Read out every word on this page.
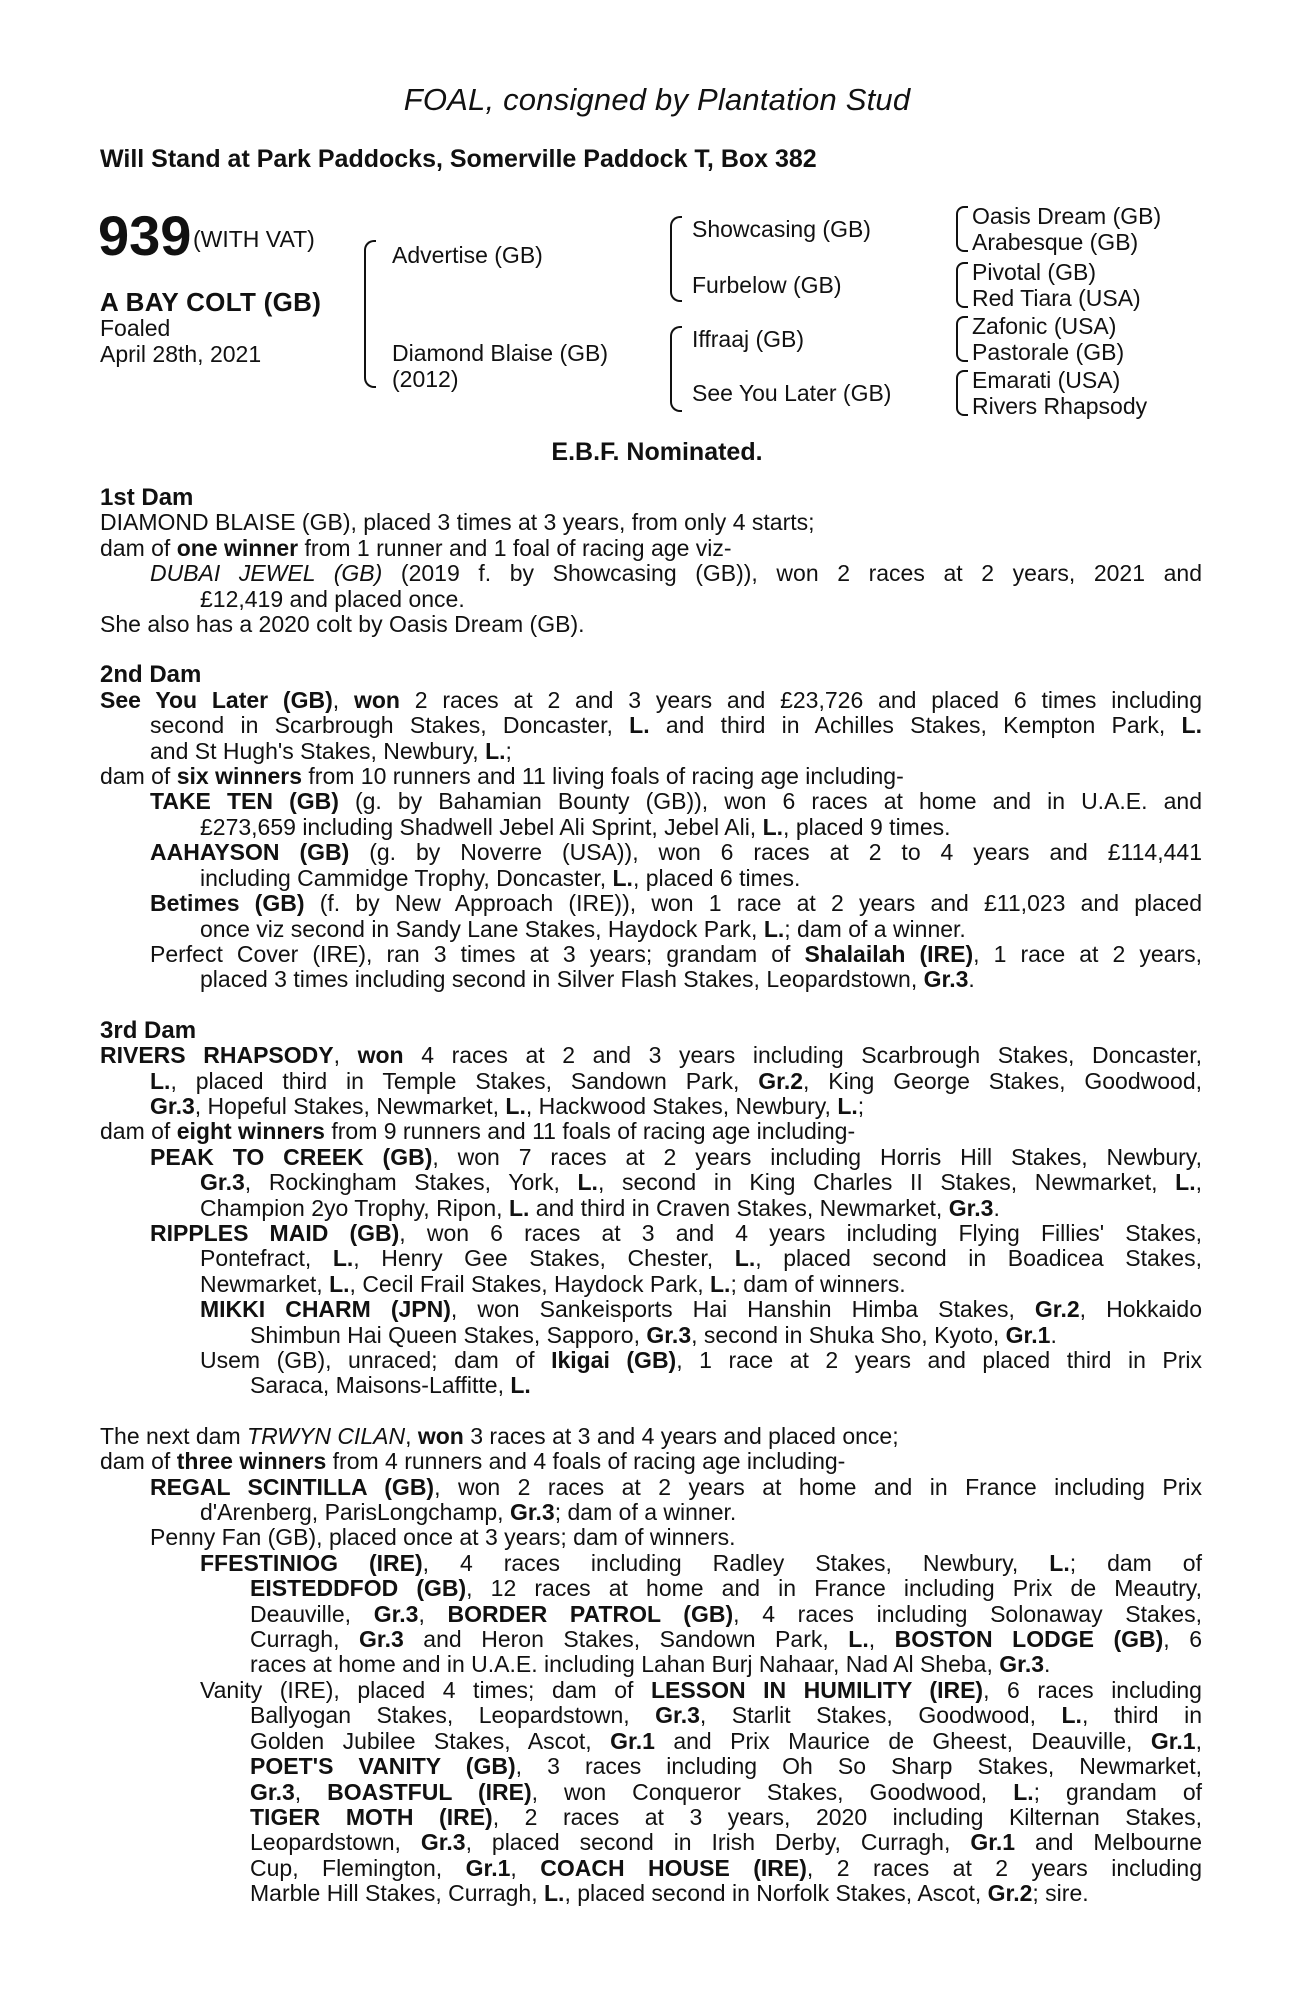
FOAL, consigned by Plantation Stud
Will Stand at Park Paddocks, Somerville Paddock T, Box 382
939 (WITH VAT)
A BAY COLT (GB)
Foaled
April 28th, 2021
Advertise (GB)
Diamond Blaise (GB)
(2012)
Showcasing (GB)
Furbelow (GB)
Iffraaj (GB)
See You Later (GB)
Oasis Dream (GB)
Arabesque (GB)
Pivotal (GB)
Red Tiara (USA)
Zafonic (USA)
Pastorale (GB)
Emarati (USA)
Rivers Rhapsody
E.B.F. Nominated.
1st Dam
DIAMOND BLAISE (GB), placed 3 times at 3 years, from only 4 starts;
dam of one winner from 1 runner and 1 foal of racing age viz-
DUBAI JEWEL (GB) (2019 f. by Showcasing (GB)), won 2 races at 2 years, 2021 and
£12,419 and placed once.
She also has a 2020 colt by Oasis Dream (GB).
2nd Dam
See You Later (GB), won 2 races at 2 and 3 years and £23,726 and placed 6 times including
second in Scarbrough Stakes, Doncaster, L. and third in Achilles Stakes, Kempton Park, L.
and St Hugh's Stakes, Newbury, L.;
dam of six winners from 10 runners and 11 living foals of racing age including-
TAKE TEN (GB) (g. by Bahamian Bounty (GB)), won 6 races at home and in U.A.E. and
£273,659 including Shadwell Jebel Ali Sprint, Jebel Ali, L., placed 9 times.
AAHAYSON (GB) (g. by Noverre (USA)), won 6 races at 2 to 4 years and £114,441
including Cammidge Trophy, Doncaster, L., placed 6 times.
Betimes (GB) (f. by New Approach (IRE)), won 1 race at 2 years and £11,023 and placed
once viz second in Sandy Lane Stakes, Haydock Park, L.; dam of a winner.
Perfect Cover (IRE), ran 3 times at 3 years; grandam of Shalailah (IRE), 1 race at 2 years,
placed 3 times including second in Silver Flash Stakes, Leopardstown, Gr.3.
3rd Dam
RIVERS RHAPSODY, won 4 races at 2 and 3 years including Scarbrough Stakes, Doncaster,
L., placed third in Temple Stakes, Sandown Park, Gr.2, King George Stakes, Goodwood,
Gr.3, Hopeful Stakes, Newmarket, L., Hackwood Stakes, Newbury, L.;
dam of eight winners from 9 runners and 11 foals of racing age including-
PEAK TO CREEK (GB), won 7 races at 2 years including Horris Hill Stakes, Newbury,
Gr.3, Rockingham Stakes, York, L., second in King Charles II Stakes, Newmarket, L.,
Champion 2yo Trophy, Ripon, L. and third in Craven Stakes, Newmarket, Gr.3.
RIPPLES MAID (GB), won 6 races at 3 and 4 years including Flying Fillies' Stakes,
Pontefract, L., Henry Gee Stakes, Chester, L., placed second in Boadicea Stakes,
Newmarket, L., Cecil Frail Stakes, Haydock Park, L.; dam of winners.
MIKKI CHARM (JPN), won Sankeisports Hai Hanshin Himba Stakes, Gr.2, Hokkaido
Shimbun Hai Queen Stakes, Sapporo, Gr.3, second in Shuka Sho, Kyoto, Gr.1.
Usem (GB), unraced; dam of Ikigai (GB), 1 race at 2 years and placed third in Prix
Saraca, Maisons-Laffitte, L.
The next dam TRWYN CILAN, won 3 races at 3 and 4 years and placed once;
dam of three winners from 4 runners and 4 foals of racing age including-
REGAL SCINTILLA (GB), won 2 races at 2 years at home and in France including Prix
d'Arenberg, ParisLongchamp, Gr.3; dam of a winner.
Penny Fan (GB), placed once at 3 years; dam of winners.
FFESTINIOG (IRE), 4 races including Radley Stakes, Newbury, L.; dam of
EISTEDDFOD (GB), 12 races at home and in France including Prix de Meautry,
Deauville, Gr.3, BORDER PATROL (GB), 4 races including Solonaway Stakes,
Curragh, Gr.3 and Heron Stakes, Sandown Park, L., BOSTON LODGE (GB), 6
races at home and in U.A.E. including Lahan Burj Nahaar, Nad Al Sheba, Gr.3.
Vanity (IRE), placed 4 times; dam of LESSON IN HUMILITY (IRE), 6 races including
Ballyogan Stakes, Leopardstown, Gr.3, Starlit Stakes, Goodwood, L., third in
Golden Jubilee Stakes, Ascot, Gr.1 and Prix Maurice de Gheest, Deauville, Gr.1,
POET'S VANITY (GB), 3 races including Oh So Sharp Stakes, Newmarket,
Gr.3, BOASTFUL (IRE), won Conqueror Stakes, Goodwood, L.; grandam of
TIGER MOTH (IRE), 2 races at 3 years, 2020 including Kilternan Stakes,
Leopardstown, Gr.3, placed second in Irish Derby, Curragh, Gr.1 and Melbourne
Cup, Flemington, Gr.1, COACH HOUSE (IRE), 2 races at 2 years including
Marble Hill Stakes, Curragh, L., placed second in Norfolk Stakes, Ascot, Gr.2; sire.
